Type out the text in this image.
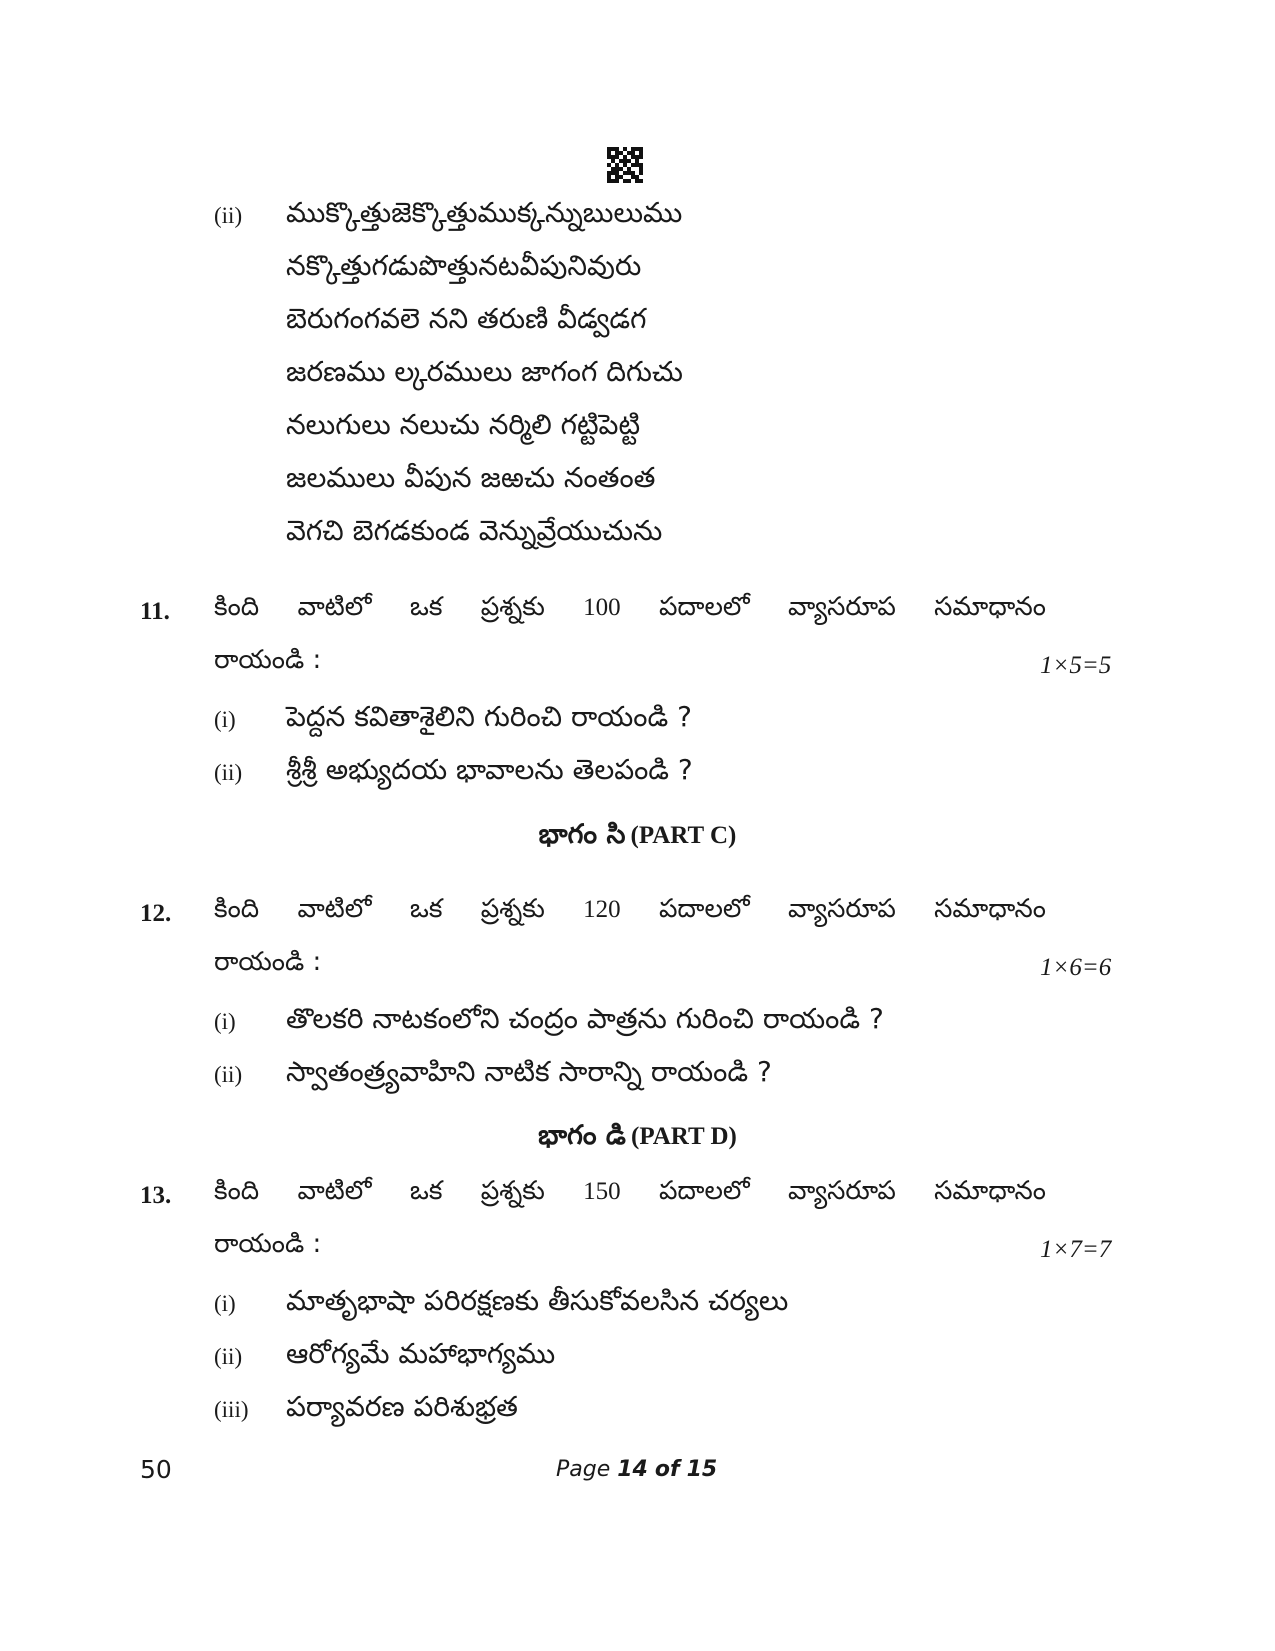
(ii) ముక్కొత్తుజెక్కొత్తుముక్కన్నుబులుము
నక్కొత్తుగడుపొత్తునటవీపునివురు
బెరుగంగవలె నని తరుణి వీడ్వడగ
జరణము ల్కరములు జాగంగ దిగుచు
నలుగులు నలుచు నర్మిలి గట్టిపెట్టి
జలములు వీపున జఱచు నంతంత
వెగచి బెగడకుండ వెన్నువ్రేయుచును
11. కింది వాటిలో ఒక ప్రశ్నకు 100 పదాలలో వ్యాసరూప సమాధానం
రాయండి :	1×5=5
(i) పెద్దన కవితాశైలిని గురించి రాయండి ?
(ii) శ్రీశ్రీ అభ్యుదయ భావాలను తెలపండి ?
భాగం సి (PART C)
12. కింది వాటిలో ఒక ప్రశ్నకు 120 పదాలలో వ్యాసరూప సమాధానం
రాయండి :	1×6=6
(i) తొలకరి నాటకంలోని చంద్రం పాత్రను గురించి రాయండి ?
(ii) స్వాతంత్ర్యవాహిని నాటిక సారాన్ని రాయండి ?
భాగం డి (PART D)
13. కింది వాటిలో ఒక ప్రశ్నకు 150 పదాలలో వ్యాసరూప సమాధానం
రాయండి :	1×7=7
(i) మాతృభాషా పరిరక్షణకు తీసుకోవలసిన చర్యలు
(ii) ఆరోగ్యమే మహాభాగ్యము
(iii) పర్యావరణ పరిశుభ్రత
50	Page 14 of 15
